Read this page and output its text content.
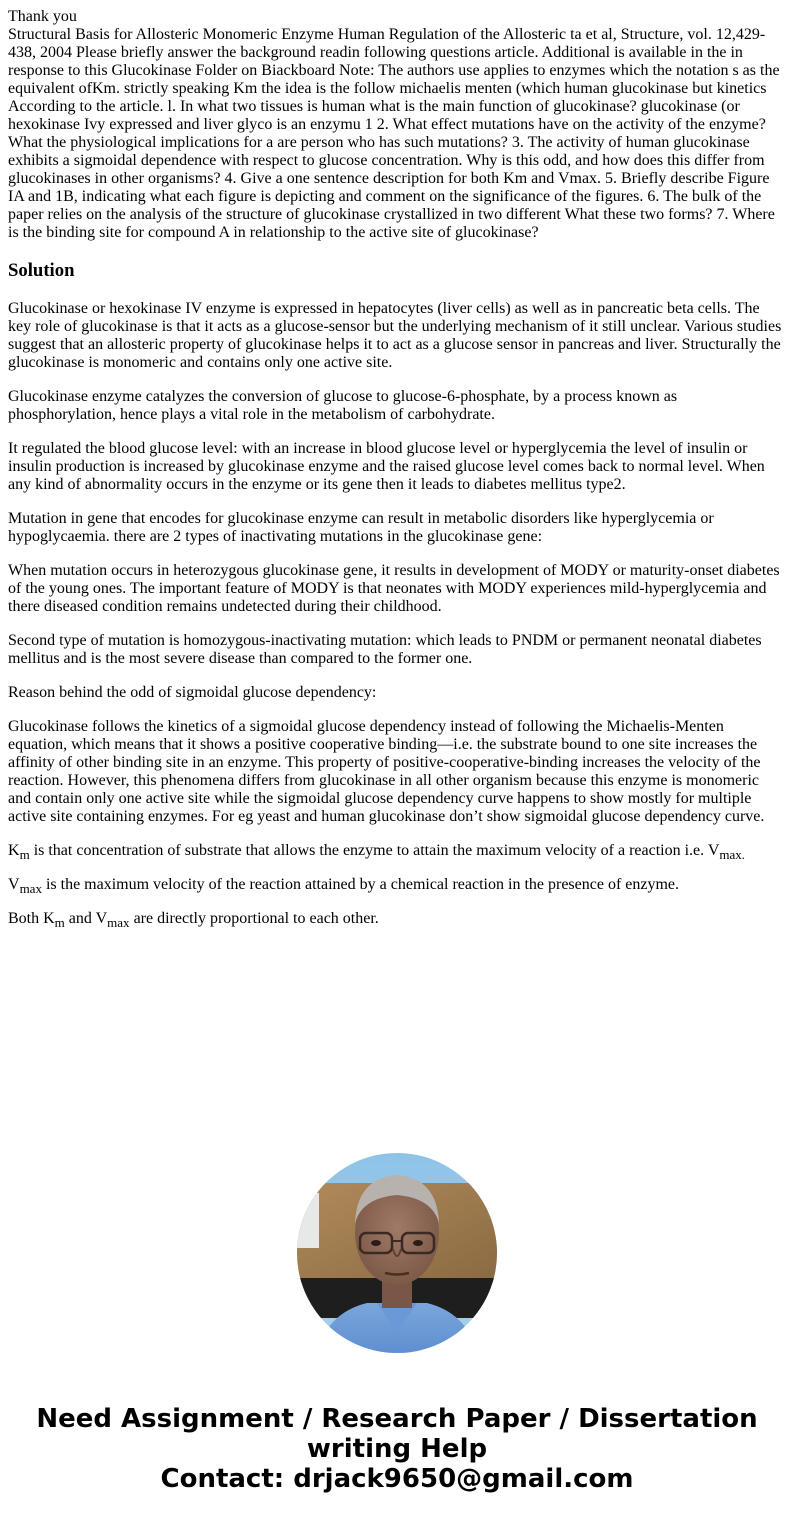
Thank you

Structural Basis for Allosteric Monomeric Enzyme Human Regulation of the Allosteric ta et al, Structure, vol. 12,429-438, 2004 Please briefly answer the background readin following questions article. Additional is available in the in response to this Glucokinase Folder on Biackboard Note: The authors use applies to enzymes which the notation s as the equivalent ofKm. strictly speaking Km the idea is the follow michaelis menten (which human glucokinase but kinetics According to the article. l. In what two tissues is human what is the main function of glucokinase? glucokinase (or hexokinase Ivy expressed and liver glyco is an enzymu 1 2. What effect mutations have on the activity of the enzyme? What the physiological implications for a are person who has such mutations? 3. The activity of human glucokinase exhibits a sigmoidal dependence with respect to glucose concentration. Why is this odd, and how does this differ from glucokinases in other organisms? 4. Give a one sentence description for both Km and Vmax. 5. Briefly describe Figure IA and 1B, indicating what each figure is depicting and comment on the significance of the figures. 6. The bulk of the paper relies on the analysis of the structure of glucokinase crystallized in two different What these two forms? 7. Where is the binding site for compound A in relationship to the active site of glucokinase?

Solution

Glucokinase or hexokinase IV enzyme is expressed in hepatocytes (liver cells) as well as in pancreatic beta cells. The key role of glucokinase is that it acts as a glucose-sensor but the underlying mechanism of it still unclear. Various studies suggest that an allosteric property of glucokinase helps it to act as a glucose sensor in pancreas and liver. Structurally the glucokinase is monomeric and contains only one active site.

Glucokinase enzyme catalyzes the conversion of glucose to glucose-6-phosphate, by a process known as phosphorylation, hence plays a vital role in the metabolism of carbohydrate.

It regulated the blood glucose level: with an increase in blood glucose level or hyperglycemia the level of insulin or insulin production is increased by glucokinase enzyme and the raised glucose level comes back to normal level. When any kind of abnormality occurs in the enzyme or its gene then it leads to diabetes mellitus type2.

Mutation in gene that encodes for glucokinase enzyme can result in metabolic disorders like hyperglycemia or hypoglycaemia. there are 2 types of inactivating mutations in the glucokinase gene:

When mutation occurs in heterozygous glucokinase gene, it results in development of MODY or maturity-onset diabetes of the young ones. The important feature of MODY is that neonates with MODY experiences mild-hyperglycemia and there diseased condition remains undetected during their childhood.

Second type of mutation is homozygous-inactivating mutation: which leads to PNDM or permanent neonatal diabetes mellitus and is the most severe disease than compared to the former one.

Reason behind the odd of sigmoidal glucose dependency:

Glucokinase follows the kinetics of a sigmoidal glucose dependency instead of following the Michaelis-Menten equation, which means that it shows a positive cooperative binding—i.e. the substrate bound to one site increases the affinity of other binding site in an enzyme. This property of positive-cooperative-binding increases the velocity of the reaction. However, this phenomena differs from glucokinase in all other organism because this enzyme is monomeric and contain only one active site while the sigmoidal glucose dependency curve happens to show mostly for multiple active site containing enzymes. For eg yeast and human glucokinase don’t show sigmoidal glucose dependency curve.

$K_m$ is that concentration of substrate that allows the enzyme to attain the maximum velocity of a reaction i.e. $V_{max.}$

$V_{max}$ is the maximum velocity of the reaction attained by a chemical reaction in the presence of enzyme.

Both $K_m$ and $V_{max}$ are directly proportional to each other.

Need Assignment / Research Paper / Dissertation
writing Help
Contact: drjack9650@gmail.com
